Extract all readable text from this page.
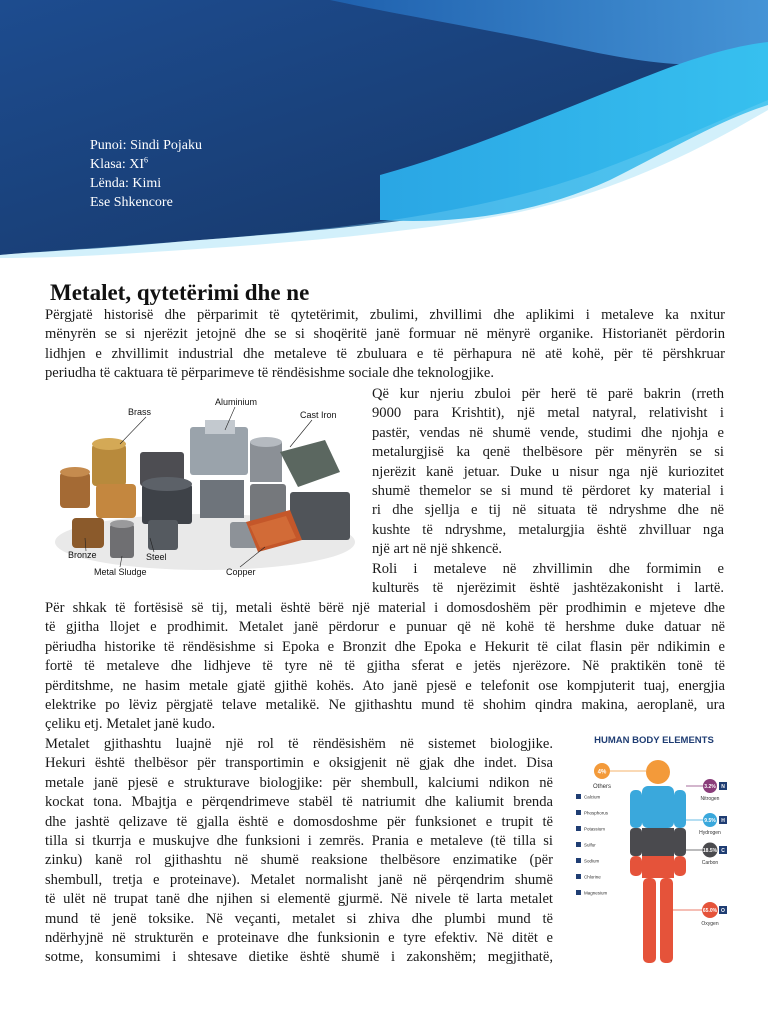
Punoi: Sindi Pojaku
Klasa: $XI^6$
Lënda: Kimi
Ese Shkencore
Metalet, qytetërimi dhe ne
Përgjatë historisë dhe përparimit të qytetërimit, zbulimi, zhvillimi dhe aplikimi i metaleve ka nxitur
mënyrën se si njerëzit jetojnë dhe se si shoqëritë janë formuar në mënyrë organike. Historianët përdorin
lidhjen e zhvillimit industrial dhe metaleve të zbuluara e të përhapura në atë kohë, për të përshkruar
periudha të caktuara të përparimeve të rëndësishme sociale dhe teknologjike.
Aluminium
Brass	Cast Iron
Bronze	Steel
Metal Sludge	Copper
Që kur njeriu zbuloi për herë të parë bakrin (rreth
9000 para Krishtit), një metal natyral, relativisht i
pastër, vendas në shumë vende, studimi dhe njohja e
metalurgjisë ka qenë thelbësore për mënyrën se si
njerëzit kanë jetuar. Duke u nisur nga një kuriozitet
shumë themelor se si mund të përdoret ky material i
ri dhe sjellja e tij në situata të ndryshme dhe në
kushte të ndryshme, metalurgjia është zhvilluar nga
një art në një shkencë.
Roli i metaleve në zhvillimin dhe formimin e
kulturës të njerëzimit është jashtëzakonisht i lartë.
Për shkak të fortësisë së tij, metali është bërë një material i domosdoshëm për prodhimin e mjeteve dhe
të gjitha llojet e prodhimit. Metalet janë përdorur e punuar që në kohë të hershme duke datuar në
përiudha historike të rëndësishme si Epoka e Bronzit dhe Epoka e Hekurit të cilat flasin për ndikimin e
fortë të metaleve dhe lidhjeve të tyre në të gjitha sferat e jetës njerëzore. Në praktikën tonë të
përditshme, ne hasim metale gjatë gjithë kohës. Ato janë pjesë e telefonit ose kompjuterit tuaj, energjia
elektrike po lëviz përgjatë telave metalikë. Ne gjithashtu mund të shohim qindra makina, aeroplanë, ura
çeliku etj. Metalet janë kudo.
Metalet gjithashtu luajnë një rol të rëndësishëm në sistemet biologjike.
Hekuri është thelbësor për transportimin e oksigjenit në gjak dhe indet. Disa
metale janë pjesë e strukturave biologjike: për shembull, kalciumi ndikon në
kockat tona. Mbajtja e përqendrimeve stabël të natriumit dhe kaliumit brenda
dhe jashtë qelizave të gjalla është e domosdoshme për funksionet e trupit të
tilla si tkurrja e muskujve dhe funksioni i zemrës. Prania e metaleve (të tilla si
zinku) kanë rol gjithashtu në shumë reaksione thelbësore enzimatike (për
shembull, tretja e proteinave). Metalet normalisht janë në përqendrim shumë
të ulët në trupat tanë dhe njihen si elementë gjurmë. Në nivele të larta metalet
mund të jenë toksike. Në veçanti, metalet si zhiva dhe plumbi mund të
ndërhyjnë në strukturën e proteinave dhe funksionin e tyre efektiv. Në ditët e
sotme, konsumimi i shtesave dietike është shumë i zakonshëm; megjithatë,
HUMAN BODY ELEMENTS
4%
Others
Calcium
Phosphorus
Potassium
Sulfur
Sodium
Chlorine
Magnesium
3.2% N
Nitrogen
9.5% H
Hydrogen
18.5% C
Carbon
65.0% O
Oxygen
